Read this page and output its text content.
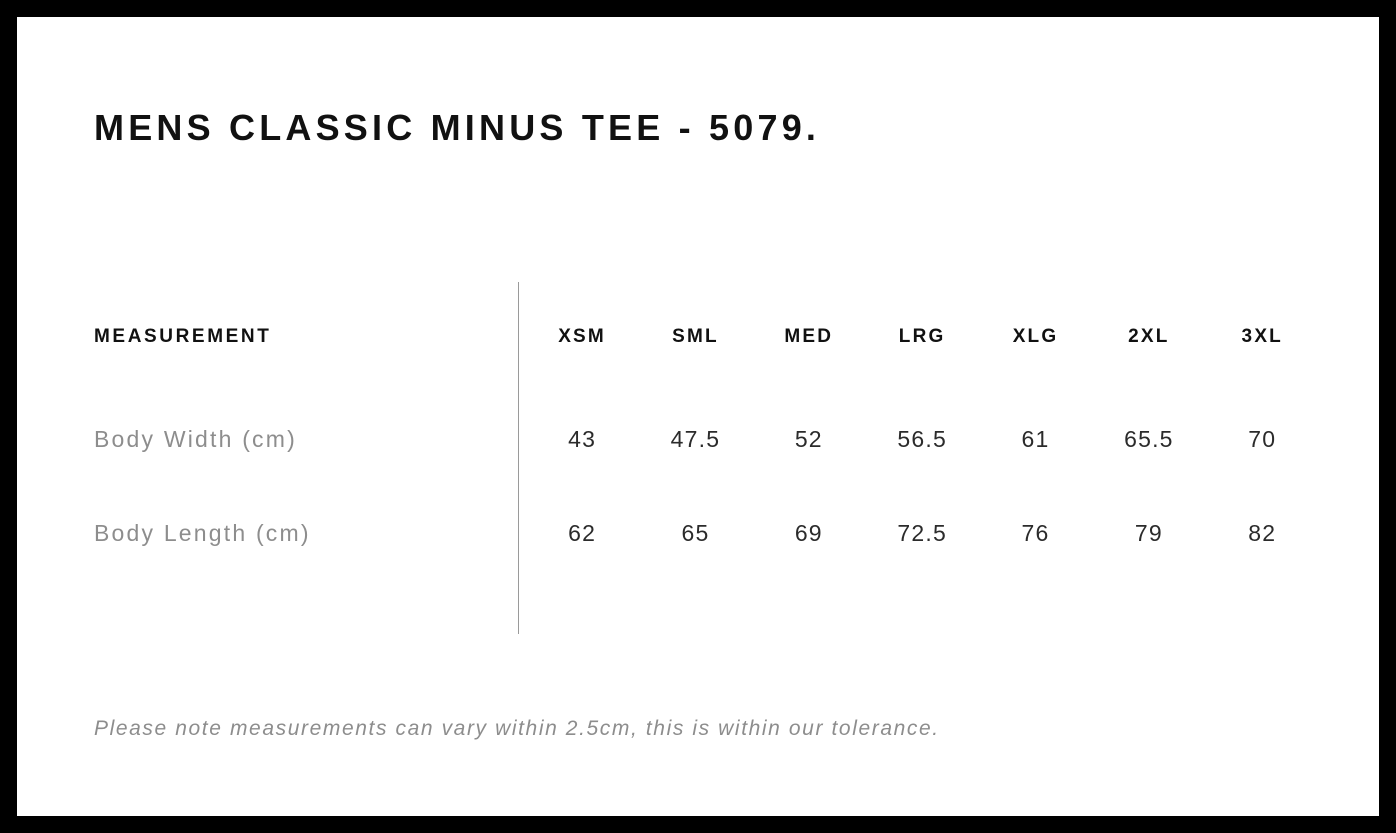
MENS CLASSIC MINUS TEE - 5079.
MEASUREMENT	XSM	SML	MED	LRG	XLG	2XL	3XL
Body Width (cm)	43	47.5	52	56.5	61	65.5	70
Body Length (cm)	62	65	69	72.5	76	79	82
Please note measurements can vary within 2.5cm, this is within our tolerance.
